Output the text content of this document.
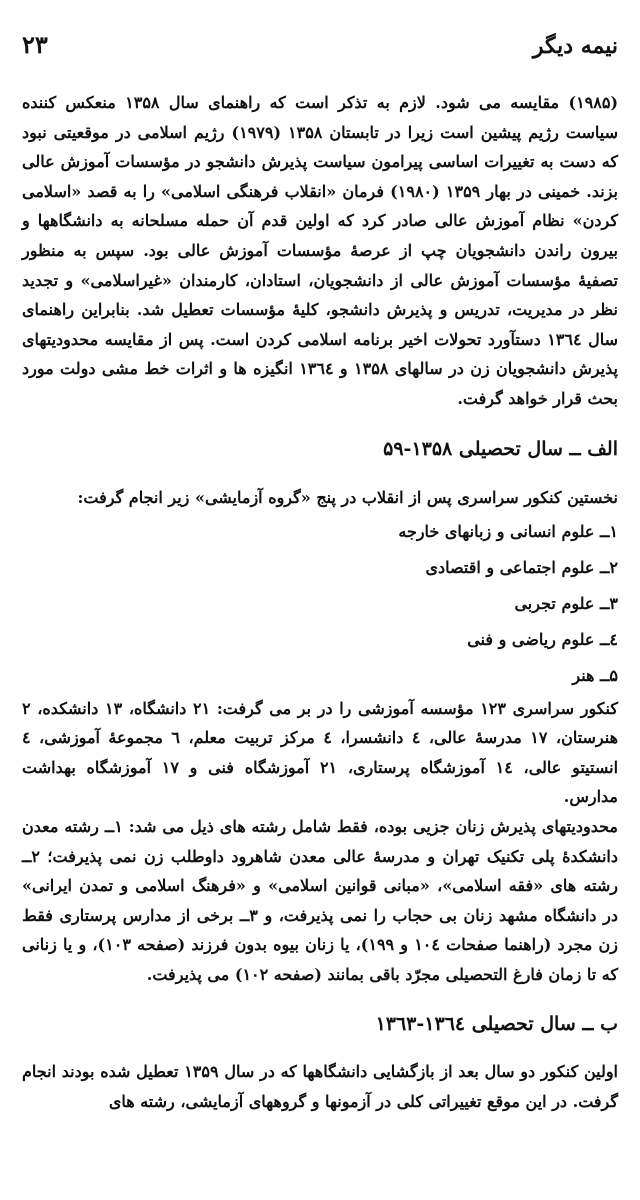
نیمه دیگر
۲۳

(۱۹۸۵) مقایسه می شود. لازم به تذکر است که راهنمای سال ۱۳۵۸ منعکس کننده سیاست رژیم پیشین است زیرا در تابستان ۱۳۵۸ (۱۹۷۹) رژیم اسلامی در موقعیتی نبود که دست به تغییرات اساسی پیرامون سیاست پذیرش دانشجو در مؤسسات آموزش عالی بزند. خمینی در بهار ۱۳۵۹ (۱۹۸۰) فرمان «انقلاب فرهنگی اسلامی» را به قصد «اسلامی کردن» نظام آموزش عالی صادر کرد که اولین قدم آن حمله مسلحانه به دانشگاهها و بیرون راندن دانشجویان چپ از عرصهٔ مؤسسات آموزش عالی بود. سپس به منظور تصفیهٔ مؤسسات آموزش عالی از دانشجویان، استادان، کارمندان «غیراسلامی» و تجدید نظر در مدیریت، تدریس و پذیرش دانشجو، کلیهٔ مؤسسات تعطیل شد. بنابراین راهنمای سال ۱۳٦٤ دستآورد تحولات اخیر برنامه اسلامی کردن است. پس از مقایسه محدودیتهای پذیرش دانشجویان زن در سالهای ۱۳۵۸ و ۱۳٦٤ انگیزه ها و اثرات خط مشی دولت مورد بحث قرار خواهد گرفت.

الف ــ سال تحصیلی ۱۳۵۸-۵۹

نخستین کنکور سراسری پس از انقلاب در پنج «گروه آزمایشی» زیر انجام گرفت:

۱ــ علوم انسانی و زبانهای خارجه
۲ــ علوم اجتماعی و اقتصادی
۳ــ علوم تجربی
٤ــ علوم ریاضی و فنی
۵ــ هنر

کنکور سراسری ۱۲۳ مؤسسه آموزشی را در بر می گرفت: ۲۱ دانشگاه، ۱۳ دانشکده، ۲ هنرستان، ۱۷ مدرسهٔ عالی، ٤ دانشسرا، ٤ مرکز تربیت معلم، ٦ مجموعهٔ آموزشی، ٤ انستیتو عالی، ۱٤ آموزشگاه پرستاری، ۲۱ آموزشگاه فنی و ۱۷ آموزشگاه بهداشت مدارس.

محدودیتهای پذیرش زنان جزیی بوده، فقط شامل رشته های ذیل می شد: ۱ــ رشته معدن دانشکدهٔ پلی تکنیک تهران و مدرسهٔ عالی معدن شاهرود داوطلب زن نمی پذیرفت؛ ۲ــ رشته های «فقه اسلامی»، «مبانی قوانین اسلامی» و «فرهنگ اسلامی و تمدن ایرانی» در دانشگاه مشهد زنان بی حجاب را نمی پذیرفت، و ۳ــ برخی از مدارس پرستاری فقط زن مجرد (راهنما صفحات ۱۰٤ و ۱۹۹)، یا زنان بیوه بدون فرزند (صفحه ۱۰۳)، و یا زنانی که تا زمان فارغ التحصیلی مجرّد باقی بمانند (صفحه ۱۰۲) می پذیرفت.

ب ــ سال تحصیلی ۱۳٦٤-۱۳٦۳

اولین کنکور دو سال بعد از بازگشایی دانشگاهها که در سال ۱۳۵۹ تعطیل شده بودند انجام گرفت. در این موقع تغییراتی کلی در آزمونها و گروههای آزمایشی، رشته های
